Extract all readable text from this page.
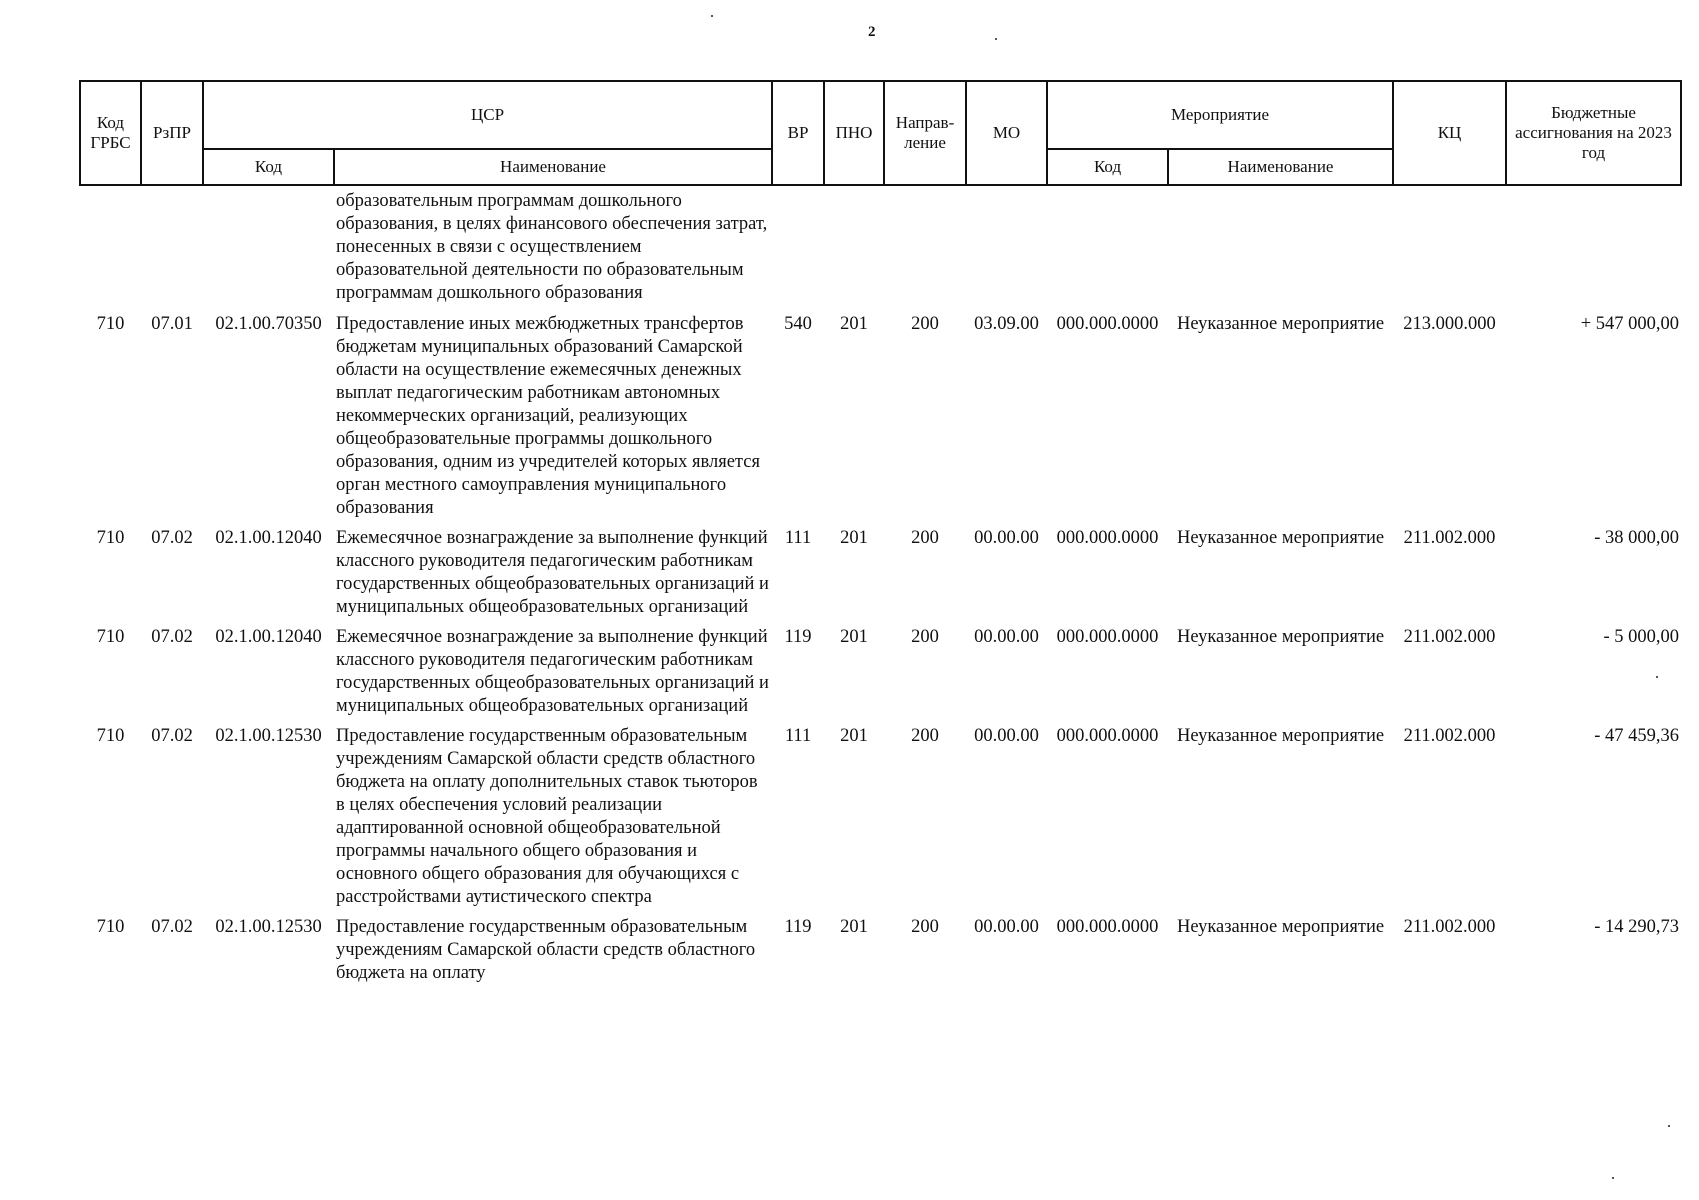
2
Код ГРБС	РзПР	ЦСР		ВР	ПНО	Направ-ление	МО	Мероприятие		КЦ	Бюджетные ассигнования на 2023 год
		Код	Наименование					Код	Наименование		
			образовательным программам дошкольного образования, в целях финансового обеспечения затрат, понесенных в связи с осуществлением образовательной деятельности по образовательным программам дошкольного образования								
710	07.01	02.1.00.70350	Предоставление иных межбюджетных трансфертов бюджетам муниципальных образований Самарской области на осуществление ежемесячных денежных выплат педагогическим работникам автономных некоммерческих организаций, реализующих общеобразовательные программы дошкольного образования, одним из учредителей которых является орган местного самоуправления муниципального образования	540	201	200	03.09.00	000.000.0000	Неуказанное мероприятие	213.000.000	+ 547 000,00
710	07.02	02.1.00.12040	Ежемесячное вознаграждение за выполнение функций классного руководителя педагогическим работникам государственных общеобразовательных организаций и муниципальных общеобразовательных организаций	111	201	200	00.00.00	000.000.0000	Неуказанное мероприятие	211.002.000	- 38 000,00
710	07.02	02.1.00.12040	Ежемесячное вознаграждение за выполнение функций классного руководителя педагогическим работникам государственных общеобразовательных организаций и муниципальных общеобразовательных организаций	119	201	200	00.00.00	000.000.0000	Неуказанное мероприятие	211.002.000	- 5 000,00
710	07.02	02.1.00.12530	Предоставление государственным образовательным учреждениям Самарской области средств областного бюджета на оплату дополнительных ставок тьюторов в целях обеспечения условий реализации адаптированной основной общеобразовательной программы начального общего образования и основного общего образования для обучающихся с расстройствами аутистического спектра	111	201	200	00.00.00	000.000.0000	Неуказанное мероприятие	211.002.000	- 47 459,36
710	07.02	02.1.00.12530	Предоставление государственным образовательным учреждениям Самарской области средств областного бюджета на оплату	119	201	200	00.00.00	000.000.0000	Неуказанное мероприятие	211.002.000	- 14 290,73
